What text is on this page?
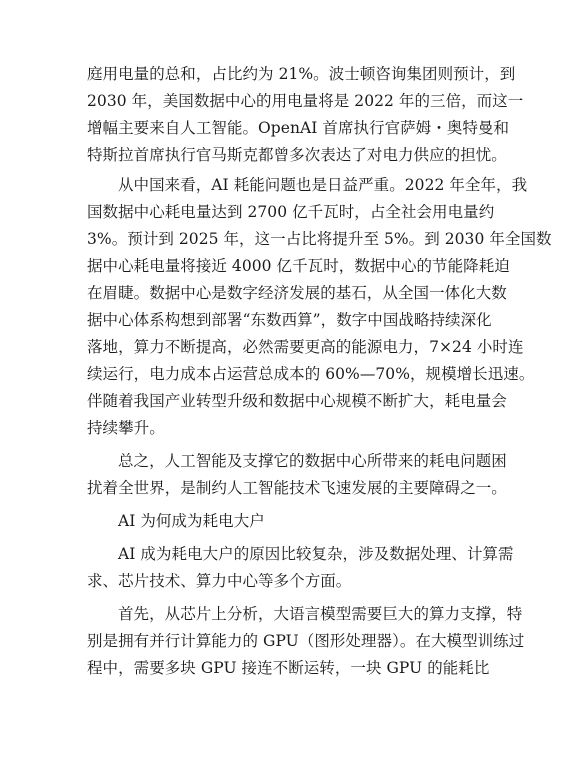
庭用电量的总和，占比约为 21%。波士顿咨询集团则预计，到
2030 年，美国数据中心的用电量将是 2022 年的三倍，而这一
增幅主要来自人工智能。OpenAI 首席执行官萨姆・奥特曼和
特斯拉首席执行官马斯克都曾多次表达了对电力供应的担忧。
从中国来看，AI 耗能问题也是日益严重。2022 年全年，我
国数据中心耗电量达到 2700 亿千瓦时，占全社会用电量约
3%。预计到 2025 年，这一占比将提升至 5%。到 2030 年全国数
据中心耗电量将接近 4000 亿千瓦时，数据中心的节能降耗迫
在眉睫。数据中心是数字经济发展的基石，从全国一体化大数
据中心体系构想到部署“东数西算”，数字中国战略持续深化
落地，算力不断提高，必然需要更高的能源电力，7×24 小时连
续运行，电力成本占运营总成本的 60%—70%，规模增长迅速。
伴随着我国产业转型升级和数据中心规模不断扩大，耗电量会
持续攀升。
总之，人工智能及支撑它的数据中心所带来的耗电问题困
扰着全世界，是制约人工智能技术飞速发展的主要障碍之一。
AI 为何成为耗电大户
AI 成为耗电大户的原因比较复杂，涉及数据处理、计算需
求、芯片技术、算力中心等多个方面。
首先，从芯片上分析，大语言模型需要巨大的算力支撑，特
别是拥有并行计算能力的 GPU（图形处理器）。在大模型训练过
程中，需要多块 GPU 接连不断运转，一块 GPU 的能耗比
